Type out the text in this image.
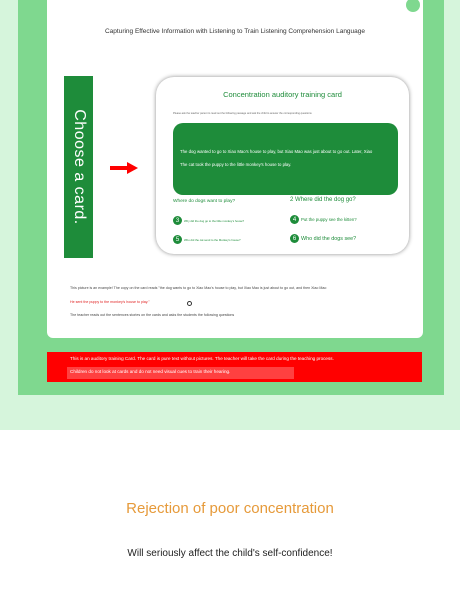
Capturing Effective Information with Listening to Train Listening Comprehension Language
Choose a card.
Concentration auditory training card
Please ask the teacher parent to read out the following passage and ask the child to answer the corresponding questions
The dog wanted to go to Xiao Mao's house to play, but Xiao Mao was just about to go out. Later, Xiao
The cat took the puppy to the little monkey's house to play.
Where do dogs want to play?	2 Where did the dog go?
3	Why did the dog go to the little monkey's house?	4	Put the puppy see the kitten?
5	Who did the cat send to the Monkey's house?	6 Who did the dogs see?
This picture is an example! The copy on the card reads "the dog wants to go to Xiao Mao's house to play, but Xiao Mao is just about to go out, and then Xiao Mao
He sent the puppy to the monkey's house to play."
The teacher reads out the sentences stories on the cards and asks the students the following questions
This is an auditory training Card. The card is pure text without pictures. The teacher will take the card during the teaching process.
Children do not look at cards and do not need visual cues to train their hearing.
Rejection of poor concentration
Will seriously affect the child's self-confidence!
